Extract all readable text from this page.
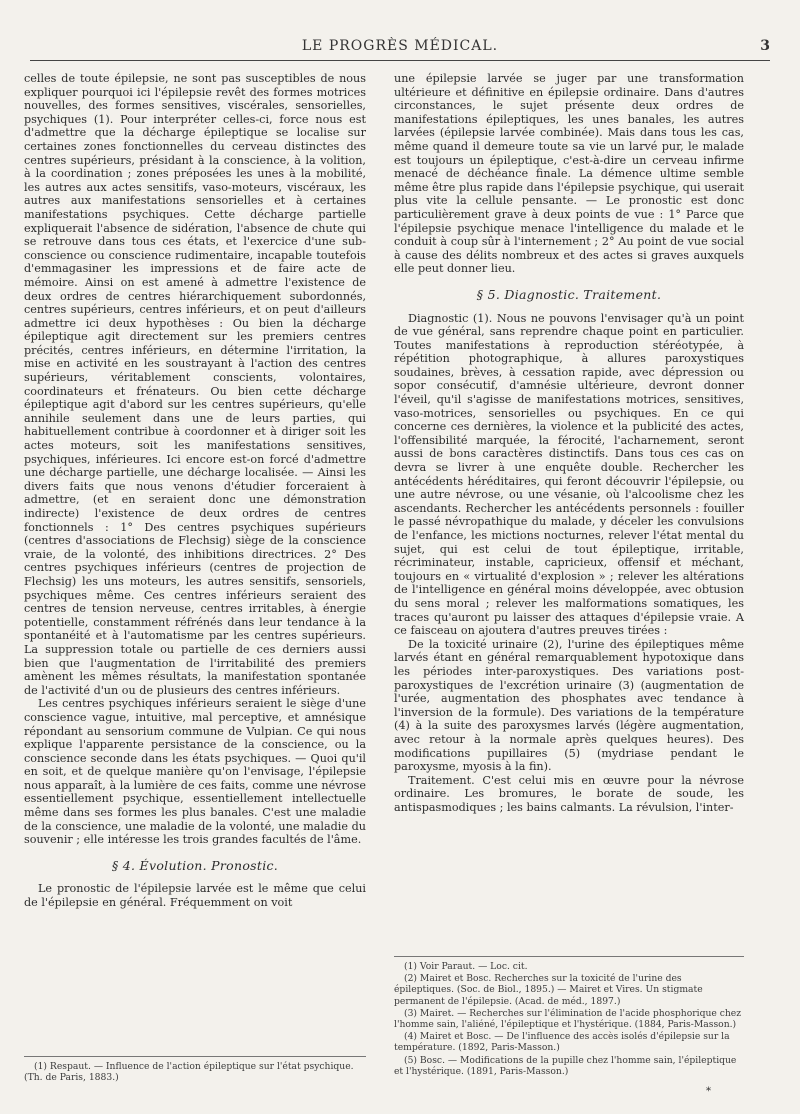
LE PROGRÈS MÉDICAL.	3

celles de toute épilepsie, ne sont pas susceptibles de nous expliquer pourquoi ici l'épilepsie revêt des formes motrices nouvelles, des formes sensitives, viscérales, sensorielles, psychiques (1). Pour interpréter celles-ci, force nous est d'admettre que la décharge épileptique se localise sur certaines zones fonctionnelles du cerveau distinctes des centres supérieurs, présidant à la conscience, à la volition, à la coordination ; zones préposées les unes à la mobilité, les autres aux actes sensitifs, vaso-moteurs, viscéraux, les autres aux manifestations sensorielles et à certaines manifestations psychiques. Cette décharge partielle expliquerait l'absence de sidération, l'absence de chute qui se retrouve dans tous ces états, et l'exercice d'une sub-conscience ou conscience rudimentaire, incapable toutefois d'emmagasiner les impressions et de faire acte de mémoire. Ainsi on est amené à admettre l'existence de deux ordres de centres hiérarchiquement subordonnés, centres supérieurs, centres inférieurs, et on peut d'ailleurs admettre ici deux hypothèses : Ou bien la décharge épileptique agit directement sur les premiers centres précités, centres inférieurs, en détermine l'irritation, la mise en activité en les soustrayant à l'action des centres supérieurs, véritablement conscients, volontaires, coordinateurs et frénateurs. Ou bien cette décharge épileptique agit d'abord sur les centres supérieurs, qu'elle annihile seulement dans une de leurs parties, qui habituellement contribue à coordonner et à diriger soit les actes moteurs, soit les manifestations sensitives, psychiques, inférieures. Ici encore est-on forcé d'admettre une décharge partielle, une décharge localisée. — Ainsi les divers faits que nous venons d'étudier forceraient à admettre, (et en seraient donc une démonstration indirecte) l'existence de deux ordres de centres fonctionnels : 1° Des centres psychiques supérieurs (centres d'associations de Flechsig) siège de la conscience vraie, de la volonté, des inhibitions directrices. 2° Des centres psychiques inférieurs (centres de projection de Flechsig) les uns moteurs, les autres sensitifs, sensoriels, psychiques même. Ces centres inférieurs seraient des centres de tension nerveuse, centres irritables, à énergie potentielle, constamment réfrénés dans leur tendance à la spontanéité et à l'automatisme par les centres supérieurs. La suppression totale ou partielle de ces derniers aussi bien que l'augmentation de l'irritabilité des premiers amènent les mêmes résultats, la manifestation spontanée de l'activité d'un ou de plusieurs des centres inférieurs.

Les centres psychiques inférieurs seraient le siège d'une conscience vague, intuitive, mal perceptive, et amnésique répondant au sensorium commune de Vulpian. Ce qui nous explique l'apparente persistance de la conscience, ou la conscience seconde dans les états psychiques. — Quoi qu'il en soit, et de quelque manière qu'on l'envisage, l'épilepsie nous apparaît, à la lumière de ces faits, comme une névrose essentiellement psychique, essentiellement intellectuelle même dans ses formes les plus banales. C'est une maladie de la conscience, une maladie de la volonté, une maladie du souvenir ; elle intéresse les trois grandes facultés de l'âme.

§ 4. Évolution. Pronostic.

Le pronostic de l'épilepsie larvée est le même que celui de l'épilepsie en général. Fréquemment on voit

(1) Respaut. — Influence de l'action épileptique sur l'état psychique. (Th. de Paris, 1883.)

une épilepsie larvée se juger par une transformation ultérieure et définitive en épilepsie ordinaire. Dans d'autres circonstances, le sujet présente deux ordres de manifestations épileptiques, les unes banales, les autres larvées (épilepsie larvée combinée). Mais dans tous les cas, même quand il demeure toute sa vie un larvé pur, le malade est toujours un épileptique, c'est-à-dire un cerveau infirme menacé de déchéance finale. La démence ultime semble même être plus rapide dans l'épilepsie psychique, qui userait plus vite la cellule pensante. — Le pronostic est donc particulièrement grave à deux points de vue : 1° Parce que l'épilepsie psychique menace l'intelligence du malade et le conduit à coup sûr à l'internement ; 2° Au point de vue social à cause des délits nombreux et des actes si graves auxquels elle peut donner lieu.

§ 5. Diagnostic. Traitement.

Diagnostic (1). Nous ne pouvons l'envisager qu'à un point de vue général, sans reprendre chaque point en particulier. Toutes manifestations à reproduction stéréotypée, à répétition photographique, à allures paroxystiques soudaines, brèves, à cessation rapide, avec dépression ou sopor consécutif, d'amnésie ultérieure, devront donner l'éveil, qu'il s'agisse de manifestations motrices, sensitives, vaso-motrices, sensorielles ou psychiques. En ce qui concerne ces dernières, la violence et la publicité des actes, l'offensibilité marquée, la férocité, l'acharnement, seront aussi de bons caractères distinctifs. Dans tous ces cas on devra se livrer à une enquête double. Rechercher les antécédents héréditaires, qui feront découvrir l'épilepsie, ou une autre névrose, ou une vésanie, où l'alcoolisme chez les ascendants. Rechercher les antécédents personnels : fouiller le passé névropathique du malade, y déceler les convulsions de l'enfance, les mictions nocturnes, relever l'état mental du sujet, qui est celui de tout épileptique, irritable, récriminateur, instable, capricieux, offensif et méchant, toujours en « virtualité d'explosion » ; relever les altérations de l'intelligence en général moins développée, avec obtusion du sens moral ; relever les malformations somatiques, les traces qu'auront pu laisser des attaques d'épilepsie vraie. A ce faisceau on ajoutera d'autres preuves tirées :

De la toxicité urinaire (2), l'urine des épileptiques même larvés étant en général remarquablement hypotoxique dans les périodes inter-paroxystiques. Des variations post-paroxystiques de l'excrétion urinaire (3) (augmentation de l'urée, augmentation des phosphates avec tendance à l'inversion de la formule). Des variations de la température (4) à la suite des paroxysmes larvés (légère augmentation, avec retour à la normale après quelques heures). Des modifications pupillaires (5) (mydriase pendant le paroxysme, myosis à la fin).

Traitement. C'est celui mis en œuvre pour la névrose ordinaire. Les bromures, le borate de soude, les antispasmodiques ; les bains calmants. La révulsion, l'inter-

(1) Voir Paraut. — Loc. cit.

(2) Mairet et Bosc. Recherches sur la toxicité de l'urine des épileptiques. (Soc. de Biol., 1895.) — Mairet et Vires. Un stigmate permanent de l'épilepsie. (Acad. de méd., 1897.)

(3) Mairet. — Recherches sur l'élimination de l'acide phosphorique chez l'homme sain, l'aliéné, l'épileptique et l'hystérique. (1884, Paris-Masson.)

(4) Mairet et Bosc. — De l'influence des accès isolés d'épilepsie sur la température. (1892, Paris-Masson.)

(5) Bosc. — Modifications de la pupille chez l'homme sain, l'épileptique et l'hystérique. (1891, Paris-Masson.)

*
